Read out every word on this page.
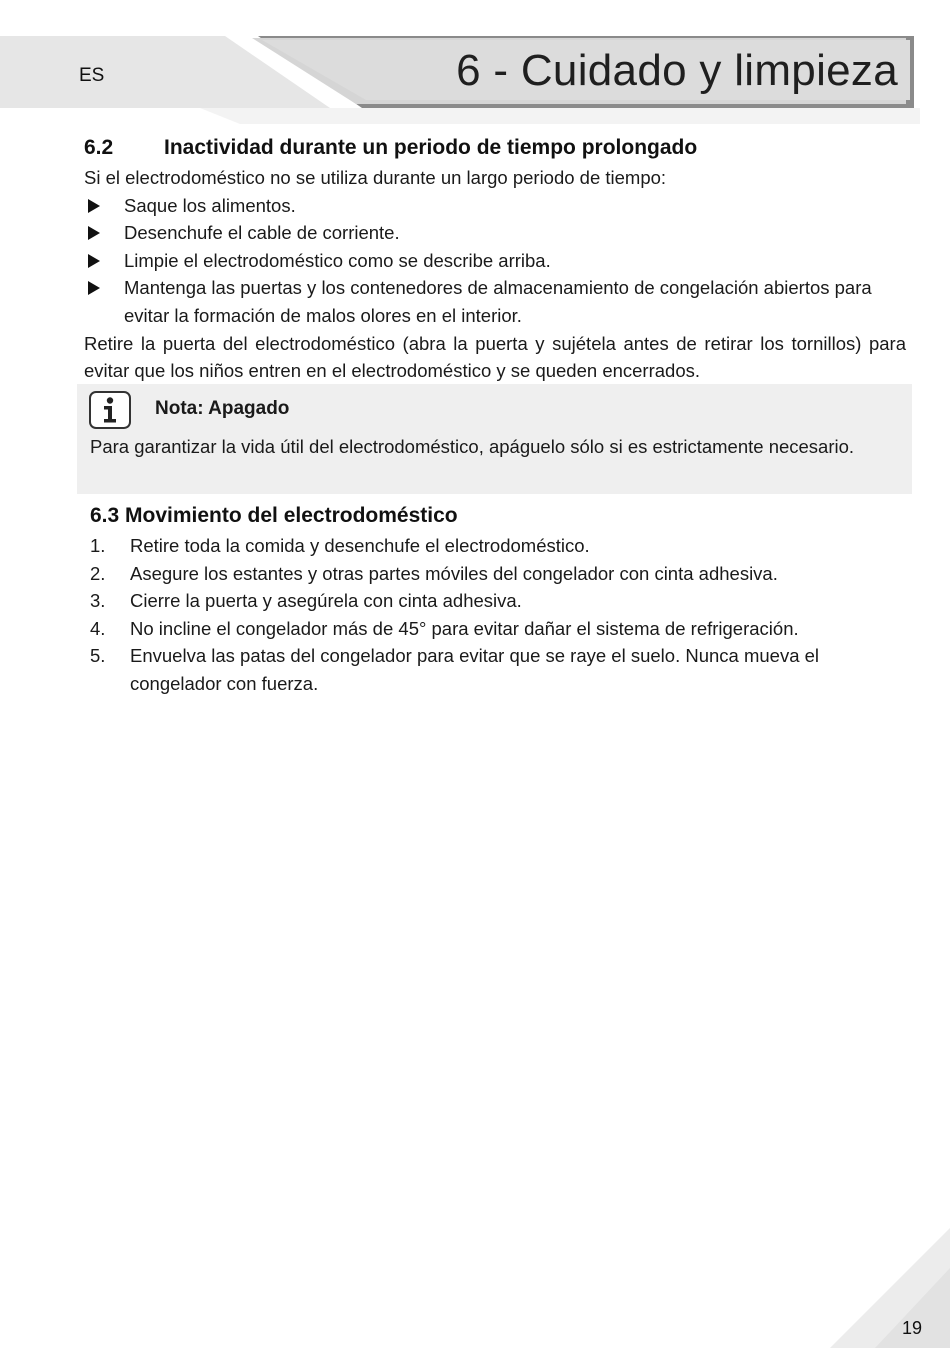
ES	6 - Cuidado y limpieza
6.2 Inactividad durante un periodo de tiempo prolongado

Si el electrodoméstico no se utiliza durante un largo periodo de tiempo:

Saque los alimentos.
Desenchufe el cable de corriente.
Limpie el electrodoméstico como se describe arriba.
Mantenga las puertas y los contenedores de almacenamiento de congelación abiertos para evitar la formación de malos olores en el interior.

Retire la puerta del electrodoméstico (abra la puerta y sujétela antes de retirar los tornillos) para evitar que los niños entren en el electrodoméstico y se queden encerrados.

Nota: Apagado
Para garantizar la vida útil del electrodoméstico, apáguelo sólo si es estrictamente necesario.
6.3 Movimiento del electrodoméstico
1. Retire toda la comida y desenchufe el electrodoméstico.
2. Asegure los estantes y otras partes móviles del congelador con cinta adhesiva.
3. Cierre la puerta y asegúrela con cinta adhesiva.
4. No incline el congelador más de 45° para evitar dañar el sistema de refrigeración.
5. Envuelva las patas del congelador para evitar que se raye el suelo. Nunca mueva el congelador con fuerza.
19
